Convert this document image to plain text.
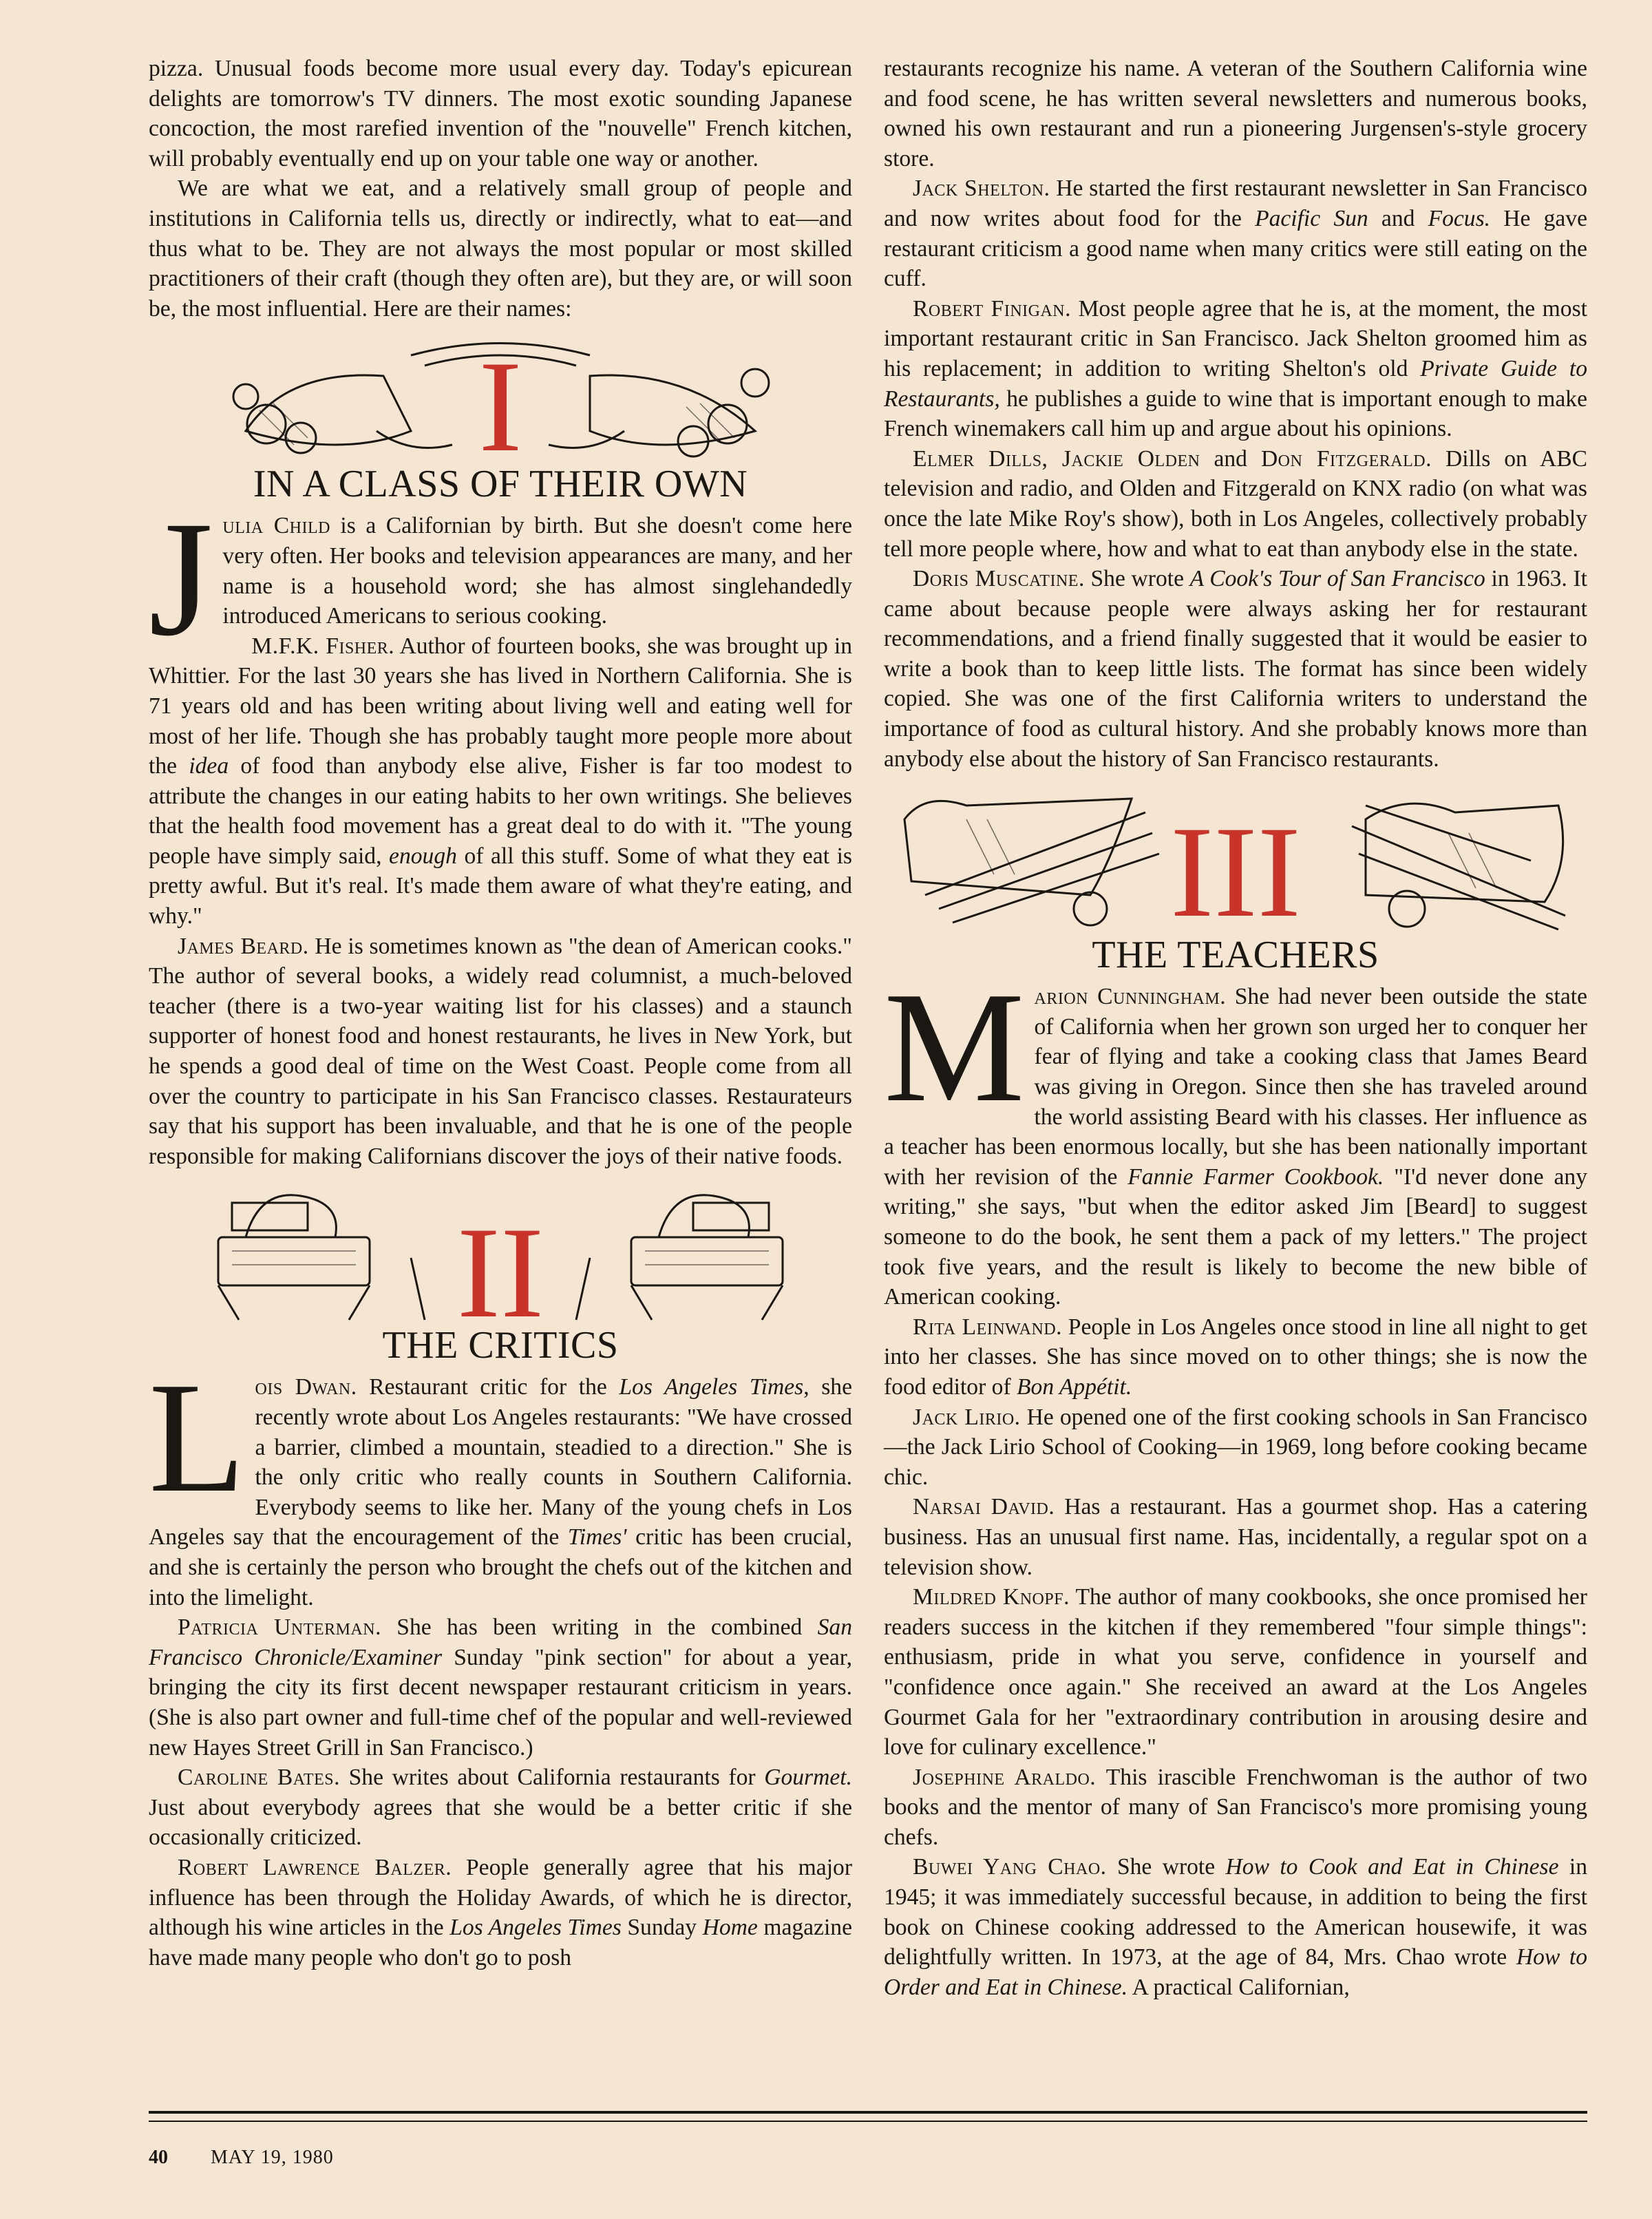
pizza. Unusual foods become more usual every day. Today's epicurean delights are tomorrow's TV dinners. The most exotic sounding Japanese concoction, the most rarefied invention of the "nouvelle" French kitchen, will probably eventually end up on your table one way or another.

We are what we eat, and a relatively small group of people and institutions in California tells us, directly or indirectly, what to eat—and thus what to be. They are not always the most popular or most skilled practitioners of their craft (though they often are), but they are, or will soon be, the most influential. Here are their names:

I
IN A CLASS OF THEIR OWN

Julia Child is a Californian by birth. But she doesn't come here very often. Her books and television appearances are many, and her name is a household word; she has almost singlehandedly introduced Americans to serious cooking.

M.F.K. Fisher. Author of fourteen books, she was brought up in Whittier. For the last 30 years she has lived in Northern California. She is 71 years old and has been writing about living well and eating well for most of her life. Though she has probably taught more people more about the idea of food than anybody else alive, Fisher is far too modest to attribute the changes in our eating habits to her own writings. She believes that the health food movement has a great deal to do with it. "The young people have simply said, enough of all this stuff. Some of what they eat is pretty awful. But it's real. It's made them aware of what they're eating, and why."

James Beard. He is sometimes known as "the dean of American cooks." The author of several books, a widely read columnist, a much-beloved teacher (there is a two-year waiting list for his classes) and a staunch supporter of honest food and honest restaurants, he lives in New York, but he spends a good deal of time on the West Coast. People come from all over the country to participate in his San Francisco classes. Restaurateurs say that his support has been invaluable, and that he is one of the people responsible for making Californians discover the joys of their native foods.

II
THE CRITICS

Lois Dwan. Restaurant critic for the Los Angeles Times, she recently wrote about Los Angeles restaurants: "We have crossed a barrier, climbed a mountain, steadied to a direction." She is the only critic who really counts in Southern California. Everybody seems to like her. Many of the young chefs in Los Angeles say that the encouragement of the Times' critic has been crucial, and she is certainly the person who brought the chefs out of the kitchen and into the limelight.

Patricia Unterman. She has been writing in the combined San Francisco Chronicle/Examiner Sunday "pink section" for about a year, bringing the city its first decent newspaper restaurant criticism in years. (She is also part owner and full-time chef of the popular and well-reviewed new Hayes Street Grill in San Francisco.)

Caroline Bates. She writes about California restaurants for Gourmet. Just about everybody agrees that she would be a better critic if she occasionally criticized.

Robert Lawrence Balzer. People generally agree that his major influence has been through the Holiday Awards, of which he is director, although his wine articles in the Los Angeles Times Sunday Home magazine have made many people who don't go to posh

restaurants recognize his name. A veteran of the Southern California wine and food scene, he has written several newsletters and numerous books, owned his own restaurant and run a pioneering Jurgensen's-style grocery store.

Jack Shelton. He started the first restaurant newsletter in San Francisco and now writes about food for the Pacific Sun and Focus. He gave restaurant criticism a good name when many critics were still eating on the cuff.

Robert Finigan. Most people agree that he is, at the moment, the most important restaurant critic in San Francisco. Jack Shelton groomed him as his replacement; in addition to writing Shelton's old Private Guide to Restaurants, he publishes a guide to wine that is important enough to make French winemakers call him up and argue about his opinions.

Elmer Dills, Jackie Olden and Don Fitzgerald. Dills on ABC television and radio, and Olden and Fitzgerald on KNX radio (on what was once the late Mike Roy's show), both in Los Angeles, collectively probably tell more people where, how and what to eat than anybody else in the state.

Doris Muscatine. She wrote A Cook's Tour of San Francisco in 1963. It came about because people were always asking her for restaurant recommendations, and a friend finally suggested that it would be easier to write a book than to keep little lists. The format has since been widely copied. She was one of the first California writers to understand the importance of food as cultural history. And she probably knows more than anybody else about the history of San Francisco restaurants.

III
THE TEACHERS

Marion Cunningham. She had never been outside the state of California when her grown son urged her to conquer her fear of flying and take a cooking class that James Beard was giving in Oregon. Since then she has traveled around the world assisting Beard with his classes. Her influence as a teacher has been enormous locally, but she has been nationally important with her revision of the Fannie Farmer Cookbook. "I'd never done any writing," she says, "but when the editor asked Jim [Beard] to suggest someone to do the book, he sent them a pack of my letters." The project took five years, and the result is likely to become the new bible of American cooking.

Rita Leinwand. People in Los Angeles once stood in line all night to get into her classes. She has since moved on to other things; she is now the food editor of Bon Appétit.

Jack Lirio. He opened one of the first cooking schools in San Francisco—the Jack Lirio School of Cooking—in 1969, long before cooking became chic.

Narsai David. Has a restaurant. Has a gourmet shop. Has a catering business. Has an unusual first name. Has, incidentally, a regular spot on a television show.

Mildred Knopf. The author of many cookbooks, she once promised her readers success in the kitchen if they remembered "four simple things": enthusiasm, pride in what you serve, confidence in yourself and "confidence once again." She received an award at the Los Angeles Gourmet Gala for her "extraordinary contribution in arousing desire and love for culinary excellence."

Josephine Araldo. This irascible Frenchwoman is the author of two books and the mentor of many of San Francisco's more promising young chefs.

Buwei Yang Chao. She wrote How to Cook and Eat in Chinese in 1945; it was immediately successful because, in addition to being the first book on Chinese cooking addressed to the American housewife, it was delightfully written. In 1973, at the age of 84, Mrs. Chao wrote How to Order and Eat in Chinese. A practical Californian,

40 MAY 19, 1980
